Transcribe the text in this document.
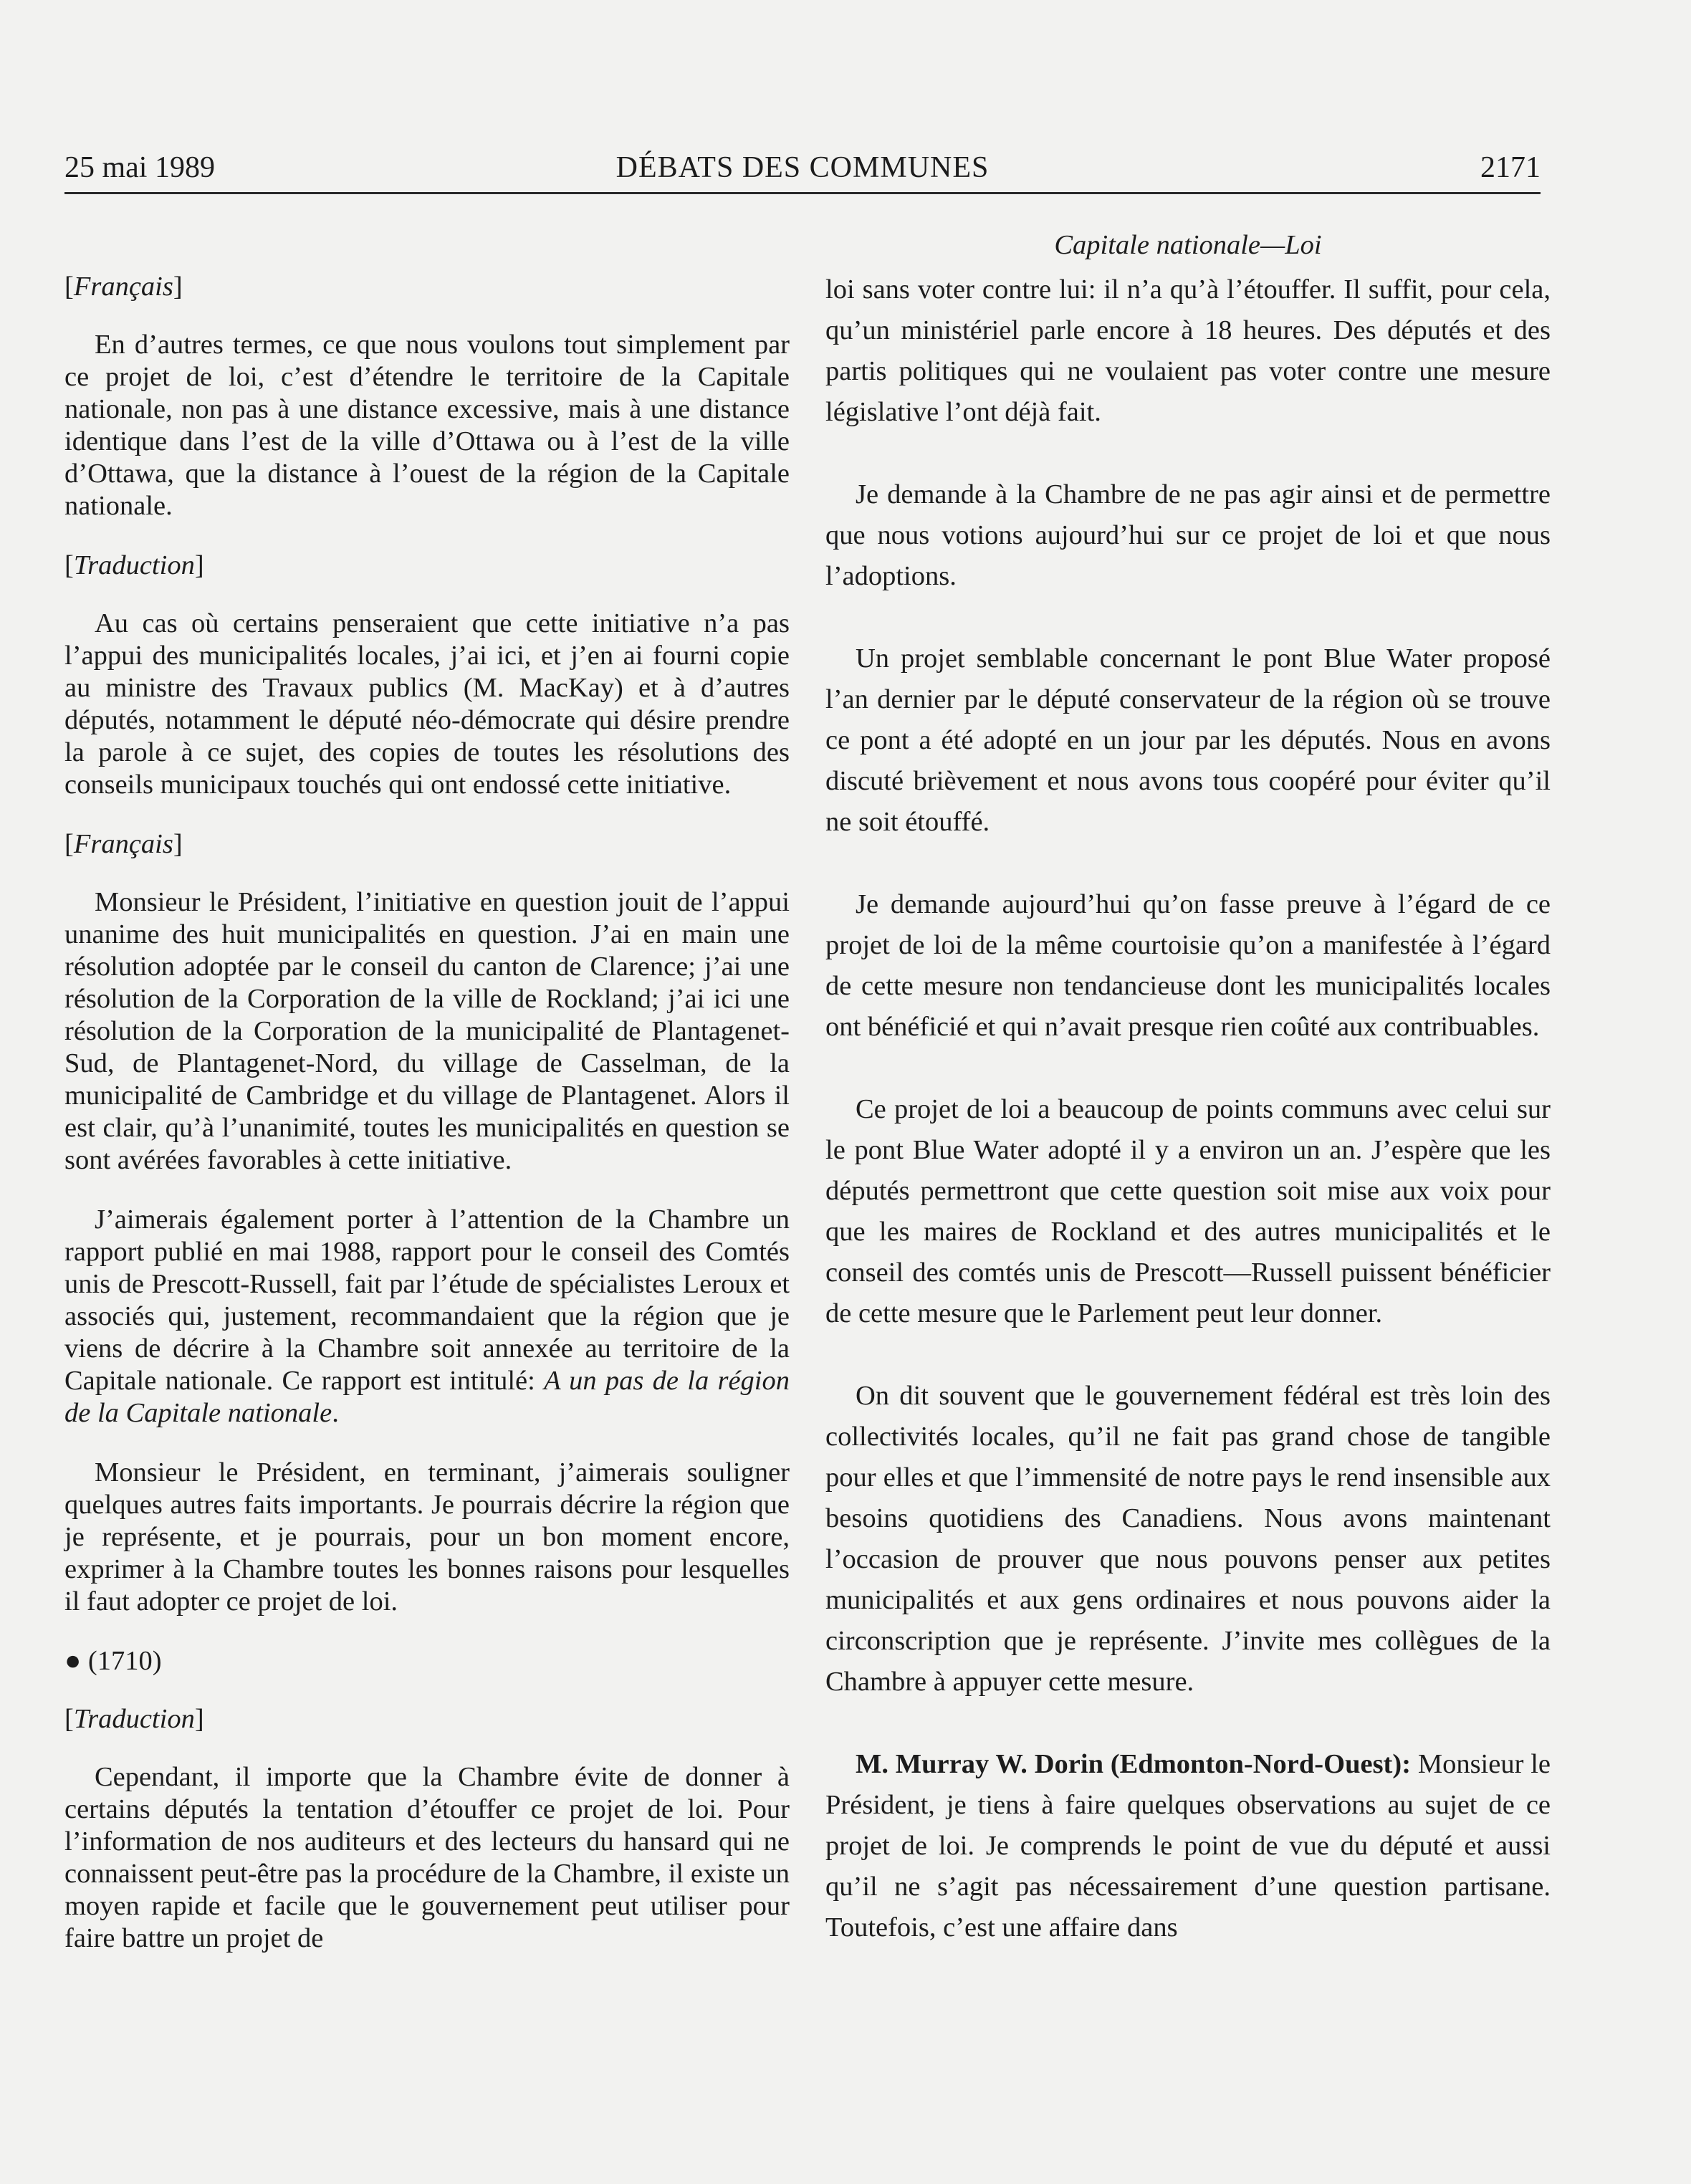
25 mai 1989	DÉBATS DES COMMUNES	2171
[Français]

En d’autres termes, ce que nous voulons tout simplement par ce projet de loi, c’est d’étendre le territoire de la Capitale nationale, non pas à une distance excessive, mais à une distance identique dans l’est de la ville d’Ottawa ou à l’est de la ville d’Ottawa, que la distance à l’ouest de la région de la Capitale nationale.

[Traduction]

Au cas où certains penseraient que cette initiative n’a pas l’appui des municipalités locales, j’ai ici, et j’en ai fourni copie au ministre des Travaux publics (M. MacKay) et à d’autres députés, notamment le député néo-démocrate qui désire prendre la parole à ce sujet, des copies de toutes les résolutions des conseils municipaux touchés qui ont endossé cette initiative.

[Français]

Monsieur le Président, l’initiative en question jouit de l’appui unanime des huit municipalités en question. J’ai en main une résolution adoptée par le conseil du canton de Clarence; j’ai une résolution de la Corporation de la ville de Rockland; j’ai ici une résolution de la Corporation de la municipalité de Plantagenet-Sud, de Plantagenet-Nord, du village de Casselman, de la municipalité de Cambridge et du village de Plantagenet. Alors il est clair, qu’à l’unanimité, toutes les municipalités en question se sont avérées favorables à cette initiative.

J’aimerais également porter à l’attention de la Chambre un rapport publié en mai 1988, rapport pour le conseil des Comtés unis de Prescott-Russell, fait par l’étude de spécialistes Leroux et associés qui, justement, recommandaient que la région que je viens de décrire à la Chambre soit annexée au territoire de la Capitale nationale. Ce rapport est intitulé: A un pas de la région de la Capitale nationale.

Monsieur le Président, en terminant, j’aimerais souligner quelques autres faits importants. Je pourrais décrire la région que je représente, et je pourrais, pour un bon moment encore, exprimer à la Chambre toutes les bonnes raisons pour lesquelles il faut adopter ce projet de loi.

● (1710)
[Traduction]

Cependant, il importe que la Chambre évite de donner à certains députés la tentation d’étouffer ce projet de loi. Pour l’information de nos auditeurs et des lecteurs du hansard qui ne connaissent peut-être pas la procédure de la Chambre, il existe un moyen rapide et facile que le gouvernement peut utiliser pour faire battre un projet de

Capitale nationale—Loi

loi sans voter contre lui: il n’a qu’à l’étouffer. Il suffit, pour cela, qu’un ministériel parle encore à 18 heures. Des députés et des partis politiques qui ne voulaient pas voter contre une mesure législative l’ont déjà fait.

Je demande à la Chambre de ne pas agir ainsi et de permettre que nous votions aujourd’hui sur ce projet de loi et que nous l’adoptions.

Un projet semblable concernant le pont Blue Water proposé l’an dernier par le député conservateur de la région où se trouve ce pont a été adopté en un jour par les députés. Nous en avons discuté brièvement et nous avons tous coopéré pour éviter qu’il ne soit étouffé.

Je demande aujourd’hui qu’on fasse preuve à l’égard de ce projet de loi de la même courtoisie qu’on a manifestée à l’égard de cette mesure non tendancieuse dont les municipalités locales ont bénéficié et qui n’avait presque rien coûté aux contribuables.

Ce projet de loi a beaucoup de points communs avec celui sur le pont Blue Water adopté il y a environ un an. J’espère que les députés permettront que cette question soit mise aux voix pour que les maires de Rockland et des autres municipalités et le conseil des comtés unis de Prescott—Russell puissent bénéficier de cette mesure que le Parlement peut leur donner.

On dit souvent que le gouvernement fédéral est très loin des collectivités locales, qu’il ne fait pas grand chose de tangible pour elles et que l’immensité de notre pays le rend insensible aux besoins quotidiens des Canadiens. Nous avons maintenant l’occasion de prouver que nous pouvons penser aux petites municipalités et aux gens ordinaires et nous pouvons aider la circonscription que je représente. J’invite mes collègues de la Chambre à appuyer cette mesure.

M. Murray W. Dorin (Edmonton-Nord-Ouest): Monsieur le Président, je tiens à faire quelques observations au sujet de ce projet de loi. Je comprends le point de vue du député et aussi qu’il ne s’agit pas nécessairement d’une question partisane. Toutefois, c’est une affaire dans
